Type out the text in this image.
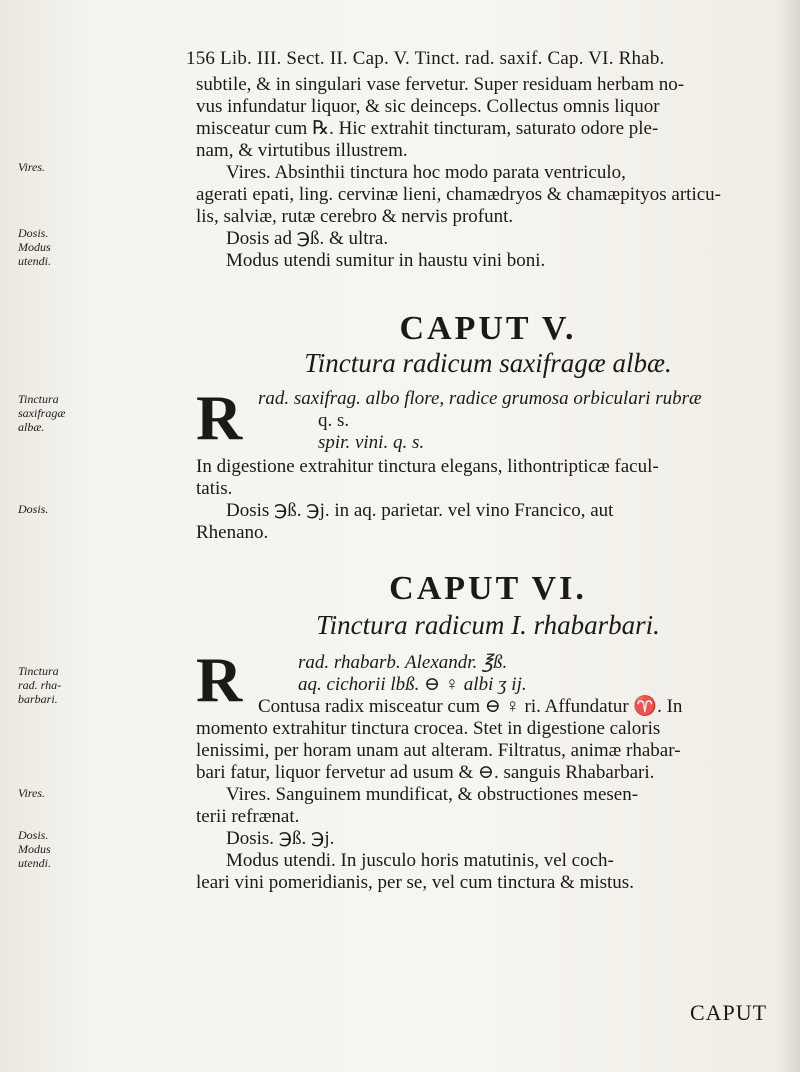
156 Lib. III. Sect. II. Cap. V. Tinct. rad. saxif. Cap. VI. Rhab.
subtile, & in singulari vase fervetur. Super residuam herbam no-
vus infundatur liquor, & sic deinceps. Collectus omnis liquor
misceatur cum ℞. Hic extrahit tincturam, saturato odore ple-
nam, & virtutibus illustrem.
Vires. Absinthii tinctura hoc modo parata ventriculo,
agerati epati, ling. cervinæ lieni, chamædryos & chamæpityos articu-
lis, salviæ, rutæ cerebro & nervis profunt.
Dosis ad ℈ß. & ultra.
Modus utendi sumitur in haustu vini boni.
Vires.
Dosis.
Modus
utendi.
CAPUT V.
Tinctura radicum saxifragæ albæ.
Tinctura
saxifragæ
albæ.	R rad. saxifrag. albo flore, radice grumosa orbiculari rubræ
q. s.
spir. vini. q. s.
In digestione extrahitur tinctura elegans, lithontripticæ facul-
tatis.
Dosis ℈ß. ℈j. in aq. parietar. vel vino Francico, aut
Rhenano.
Dosis.
CAPUT VI.
Tinctura radicum I. rhabarbari.
Tinctura
rad. rha-
barbari.	R	rad. rhabarb. Alexandr. ℥ß.
aq. cichorii lbß. ⊖ ♀ albi ʒ ij.
Contusa radix misceatur cum ⊖ ♀ ri. Affundatur ♈. In
momento extrahitur tinctura crocea. Stet in digestione caloris
lenissimi, per horam unam aut alteram. Filtratus, animæ rhabar-
bari fatur, liquor fervetur ad usum & ⊖. sanguis Rhabarbari.
Vires. Sanguinem mundificat, & obstructiones mesen-
terii refrænat.
Dosis. ℈ß. ℈j.
Modus utendi. In jusculo horis matutinis, vel coch-
leari vini pomeridianis, per se, vel cum tinctura & mistus.
Vires.
Dosis.
Modus
utendi.
CAPUT
